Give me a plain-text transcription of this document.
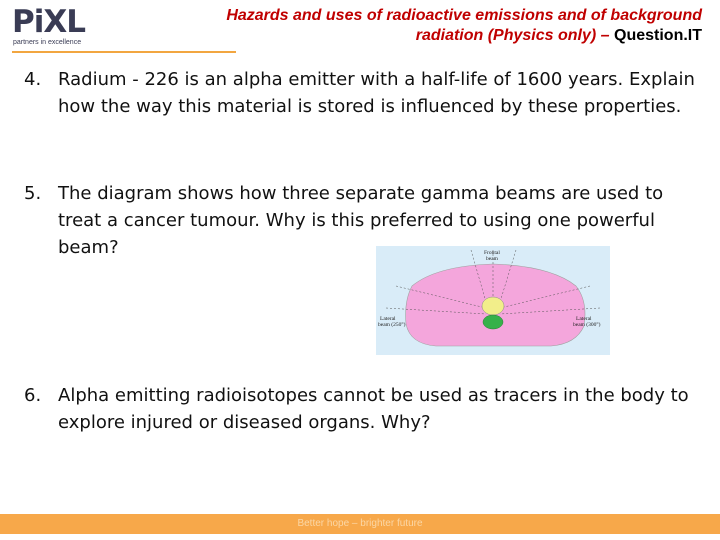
PiXL
partners in excellence
Hazards and uses of radioactive emissions and of background
radiation (Physics only) – Question.IT
4. Radium - 226 is an alpha emitter with a half-life of 1600 years. Explain how the way this material is stored is influenced by these properties.
5. The diagram shows how three separate gamma beams are used to treat a cancer tumour. Why is this preferred to using one powerful beam?	Frontal
beam
Lateral
beam (250°)
Lateral
beam (300°)
6. Alpha emitting radioisotopes cannot be used as tracers in the body to explore injured or diseased organs. Why?
Better hope – brighter future
